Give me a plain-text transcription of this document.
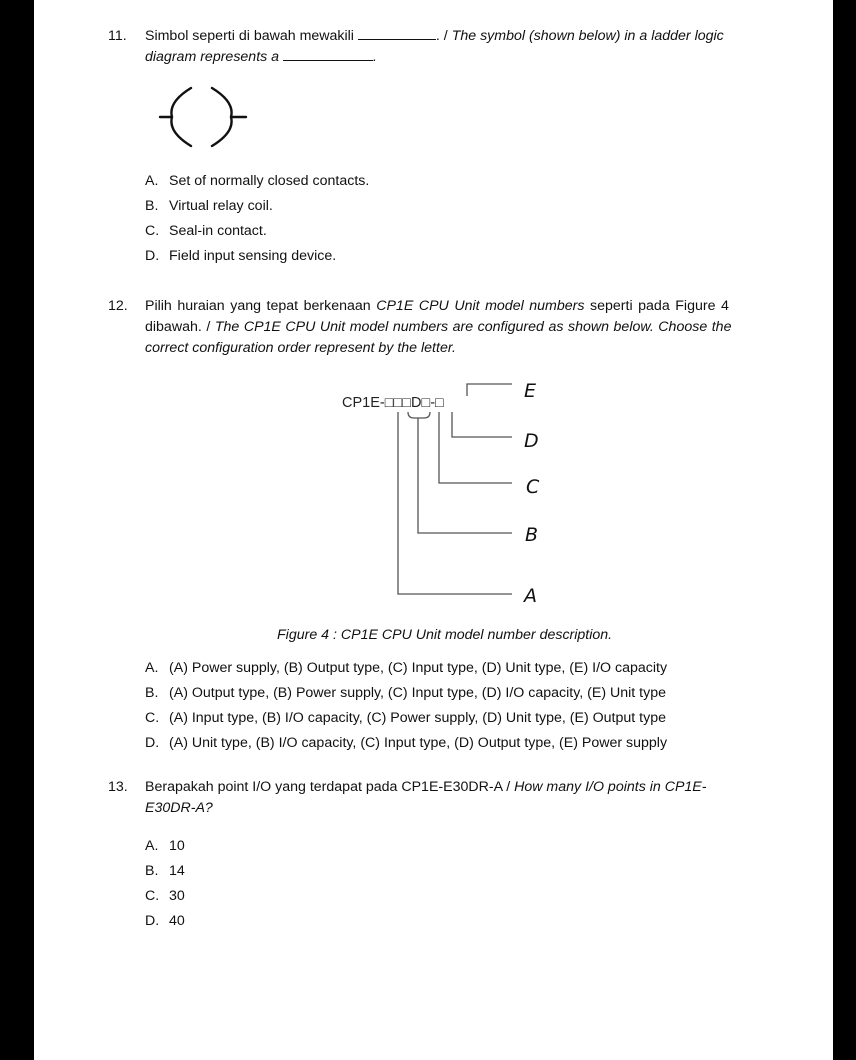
11. Simbol seperti di bawah mewakili	. / The symbol (shown below) in a ladder logic
diagram represents a	.
A. Set of normally closed contacts.
B. Virtual relay coil.
C. Seal-in contact.
D. Field input sensing device.
12. Pilih huraian yang tepat berkenaan CP1E CPU Unit model numbers seperti pada Figure 4
dibawah. / The CP1E CPU Unit model numbers are configured as shown below. Choose the
correct configuration order represent by the letter.
CP1E-□□□D□-□
E
D
C
B
A
Figure 4 : CP1E CPU Unit model number description.
A. (A) Power supply, (B) Output type, (C) Input type, (D) Unit type, (E) I/O capacity
B. (A) Output type, (B) Power supply, (C) Input type, (D) I/O capacity, (E) Unit type
C. (A) Input type, (B) I/O capacity, (C) Power supply, (D) Unit type, (E) Output type
D. (A) Unit type, (B) I/O capacity, (C) Input type, (D) Output type, (E) Power supply
13. Berapakah point I/O yang terdapat pada CP1E-E30DR-A / How many I/O points in CP1E-
E30DR-A?
A. 10
B. 14
C. 30
D. 40
